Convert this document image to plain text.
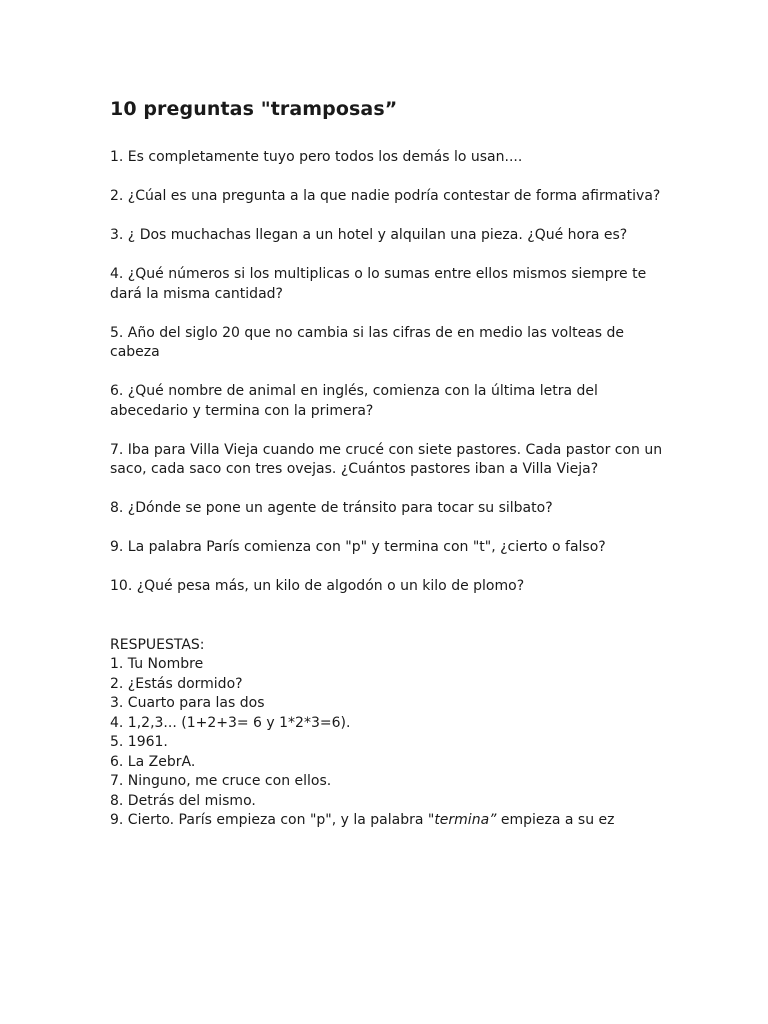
10 preguntas "tramposas”

1. Es completamente tuyo pero todos los demás lo usan....

2. ¿Cúal es una pregunta a la que nadie podría contestar de forma afirmativa?

3. ¿ Dos muchachas llegan a un hotel y alquilan una pieza. ¿Qué hora es?

4. ¿Qué números si los multiplicas o lo sumas entre ellos mismos siempre te dará la misma cantidad?

5. Año del siglo 20 que no cambia si las cifras de en medio las volteas de cabeza

6. ¿Qué nombre de animal en inglés, comienza con la última letra del abecedario y termina con la primera?

7. Iba para Villa Vieja cuando me crucé con siete pastores. Cada pastor con un saco, cada saco con tres ovejas. ¿Cuántos pastores iban a Villa Vieja?

8. ¿Dónde se pone un agente de tránsito para tocar su silbato?

9. La palabra París comienza con "p" y termina con "t", ¿cierto o falso?

10. ¿Qué pesa más, un kilo de algodón o un kilo de plomo?

RESPUESTAS:
1. Tu Nombre
2. ¿Estás dormido?
3. Cuarto para las dos
4. 1,2,3... (1+2+3= 6 y 1*2*3=6).
5. 1961.
6. La ZebrA.
7. Ninguno, me cruce con ellos.
8. Detrás del mismo.
9. Cierto. París empieza con "p", y la palabra "termina” empieza a su ez
